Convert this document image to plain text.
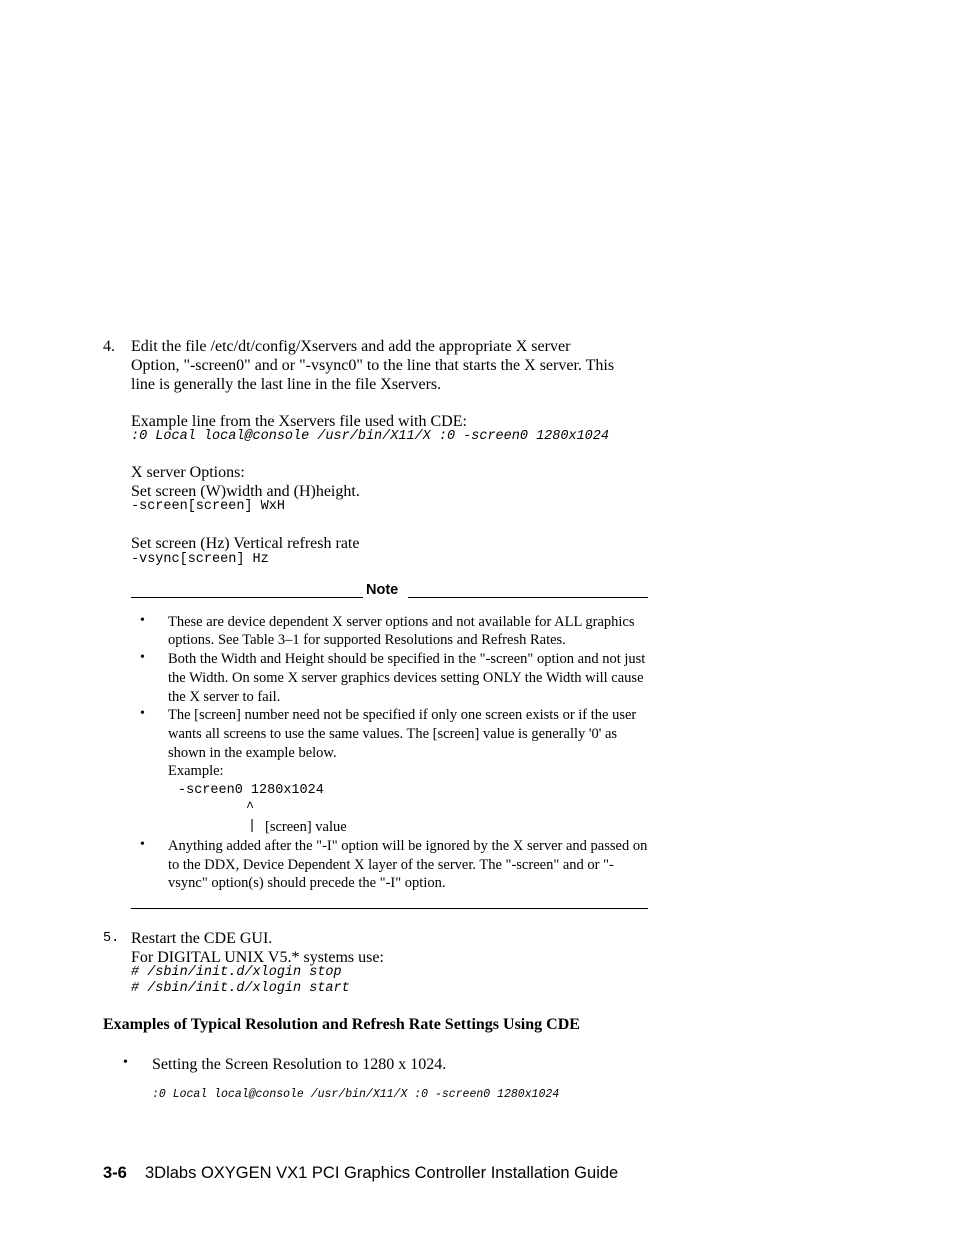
4. Edit the file /etc/dt/config/Xservers and add the appropriate X server
Option, "-screen0" and or "-vsync0" to the line that starts the X server. This
line is generally the last line in the file Xservers.
Example line from the Xservers file used with CDE:
:0 Local local@console /usr/bin/X11/X :0 -screen0 1280x1024
X server Options:
Set screen (W)width and (H)height.
-screen[screen] WxH
Set screen (Hz) Vertical refresh rate
-vsync[screen] Hz
Note
• These are device dependent X server options and not available for ALL graphics
options. See Table 3–1 for supported Resolutions and Refresh Rates.
• Both the Width and Height should be specified in the "-screen" option and not just
the Width. On some X server graphics devices setting ONLY the Width will cause
the X server to fail.
• The [screen] number need not be specified if only one screen exists or if the user
wants all screens to use the same values. The [screen] value is generally '0' as
shown in the example below.
Example:
-screen0 1280x1024
^
| [screen] value
• Anything added after the "-I" option will be ignored by the X server and passed on
to the DDX, Device Dependent X layer of the server. The "-screen" and or "-
vsync" option(s) should precede the "-I" option.
5. Restart the CDE GUI.
For DIGITAL UNIX V5.* systems use:
# /sbin/init.d/xlogin stop
# /sbin/init.d/xlogin start
Examples of Typical Resolution and Refresh Rate Settings Using CDE
• Setting the Screen Resolution to 1280 x 1024.
:0 Local local@console /usr/bin/X11/X :0 -screen0 1280x1024
3-6 3Dlabs OXYGEN VX1 PCI Graphics Controller Installation Guide
